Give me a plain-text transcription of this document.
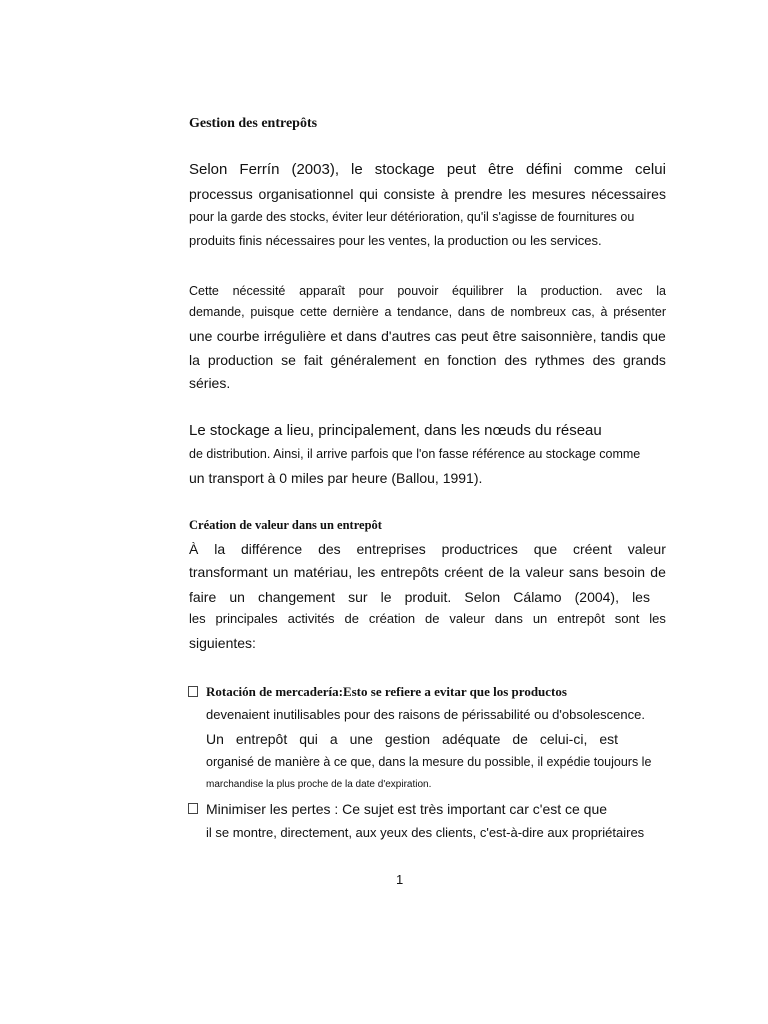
Gestion des entrepôts
Selon Ferrín (2003), le stockage peut être défini comme celui
processus organisationnel qui consiste à prendre les mesures nécessaires
pour la garde des stocks, éviter leur détérioration, qu'il s'agisse de fournitures ou
produits finis nécessaires pour les ventes, la production ou les services.
Cette nécessité apparaît pour pouvoir équilibrer la production. avec la
demande, puisque cette dernière a tendance, dans de nombreux cas, à présenter
une courbe irrégulière et dans d'autres cas peut être saisonnière, tandis que
la production se fait généralement en fonction des rythmes des grands
séries.
Le stockage a lieu, principalement, dans les nœuds du réseau
de distribution. Ainsi, il arrive parfois que l'on fasse référence au stockage comme
un transport à 0 miles par heure (Ballou, 1991).
Création de valeur dans un entrepôt
À la différence des entreprises productrices que créent valeur
transformant un matériau, les entrepôts créent de la valeur sans besoin de
faire un changement sur le produit. Selon Cálamo (2004), les
les principales activités de création de valeur dans un entrepôt sont les
siguientes:
Rotación de mercadería:Esto se refiere a evitar que los productos
devenaient inutilisables pour des raisons de périssabilité ou d'obsolescence.
Un entrepôt qui a une gestion adéquate de celui-ci, est
organisé de manière à ce que, dans la mesure du possible, il expédie toujours le
marchandise la plus proche de la date d'expiration.
Minimiser les pertes : Ce sujet est très important car c'est ce que
il se montre, directement, aux yeux des clients, c'est-à-dire aux propriétaires
1
